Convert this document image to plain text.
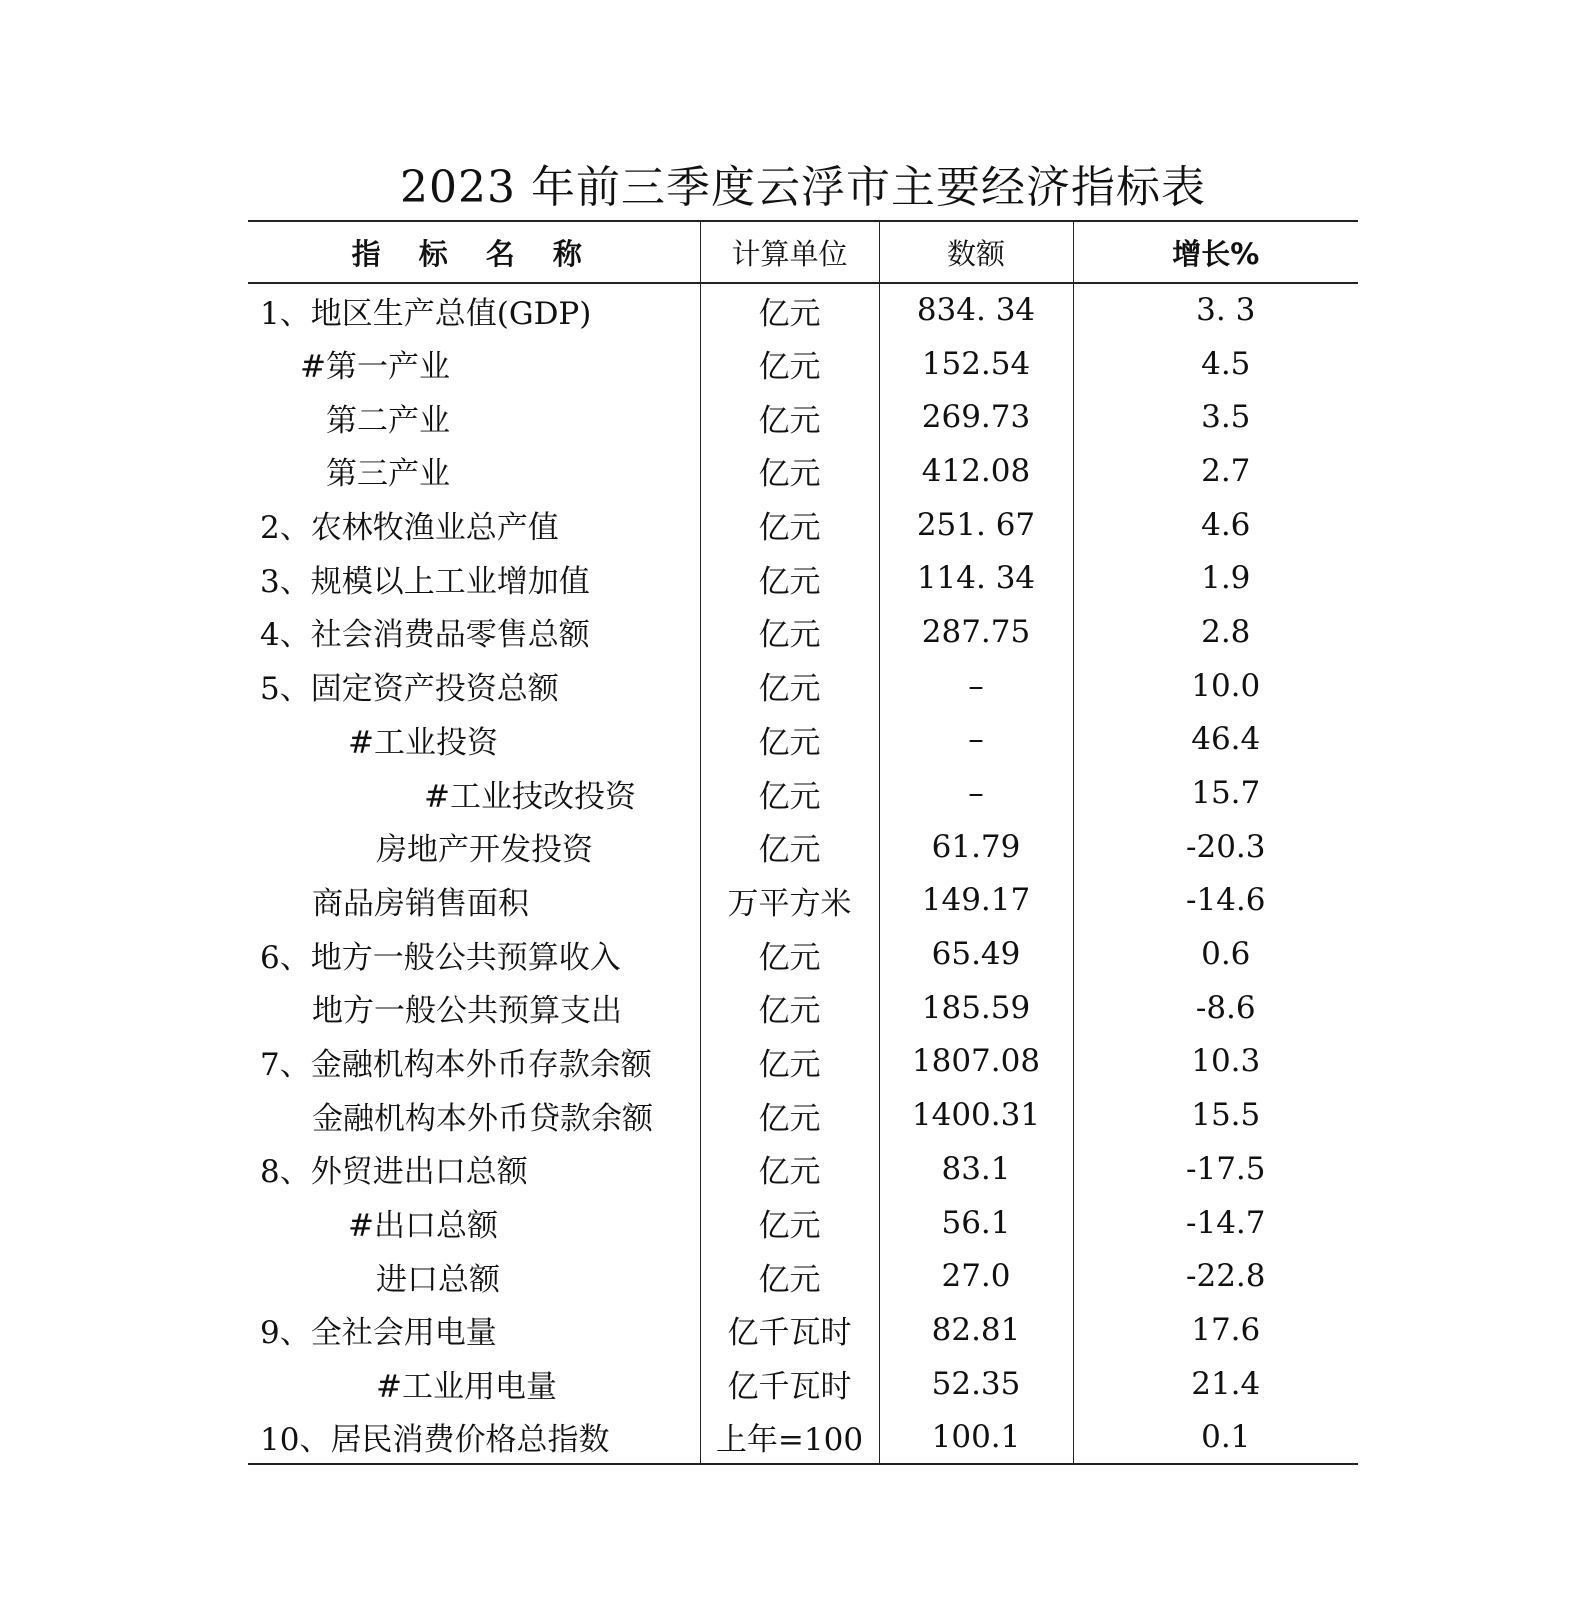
2023 年前三季度云浮市主要经济指标表
指 标 名 称	计算单位	数额	增长%
1、地区生产总值(GDP)	亿元	834. 34	3. 3
#第一产业	亿元	152.54	4.5
第二产业	亿元	269.73	3.5
第三产业	亿元	412.08	2.7
2、农林牧渔业总产值	亿元	251. 67	4.6
3、规模以上工业增加值	亿元	114. 34	1.9
4、社会消费品零售总额	亿元	287.75	2.8
5、固定资产投资总额	亿元	–	10.0
#工业投资	亿元	–	46.4
#工业技改投资	亿元	–	15.7
房地产开发投资	亿元	61.79	-20.3
商品房销售面积	万平方米	149.17	-14.6
6、地方一般公共预算收入	亿元	65.49	0.6
地方一般公共预算支出	亿元	185.59	-8.6
7、金融机构本外币存款余额	亿元	1807.08	10.3
金融机构本外币贷款余额	亿元	1400.31	15.5
8、外贸进出口总额	亿元	83.1	-17.5
#出口总额	亿元	56.1	-14.7
进口总额	亿元	27.0	-22.8
9、全社会用电量	亿千瓦时	82.81	17.6
#工业用电量	亿千瓦时	52.35	21.4
10、居民消费价格总指数	上年=100	100.1	0.1
